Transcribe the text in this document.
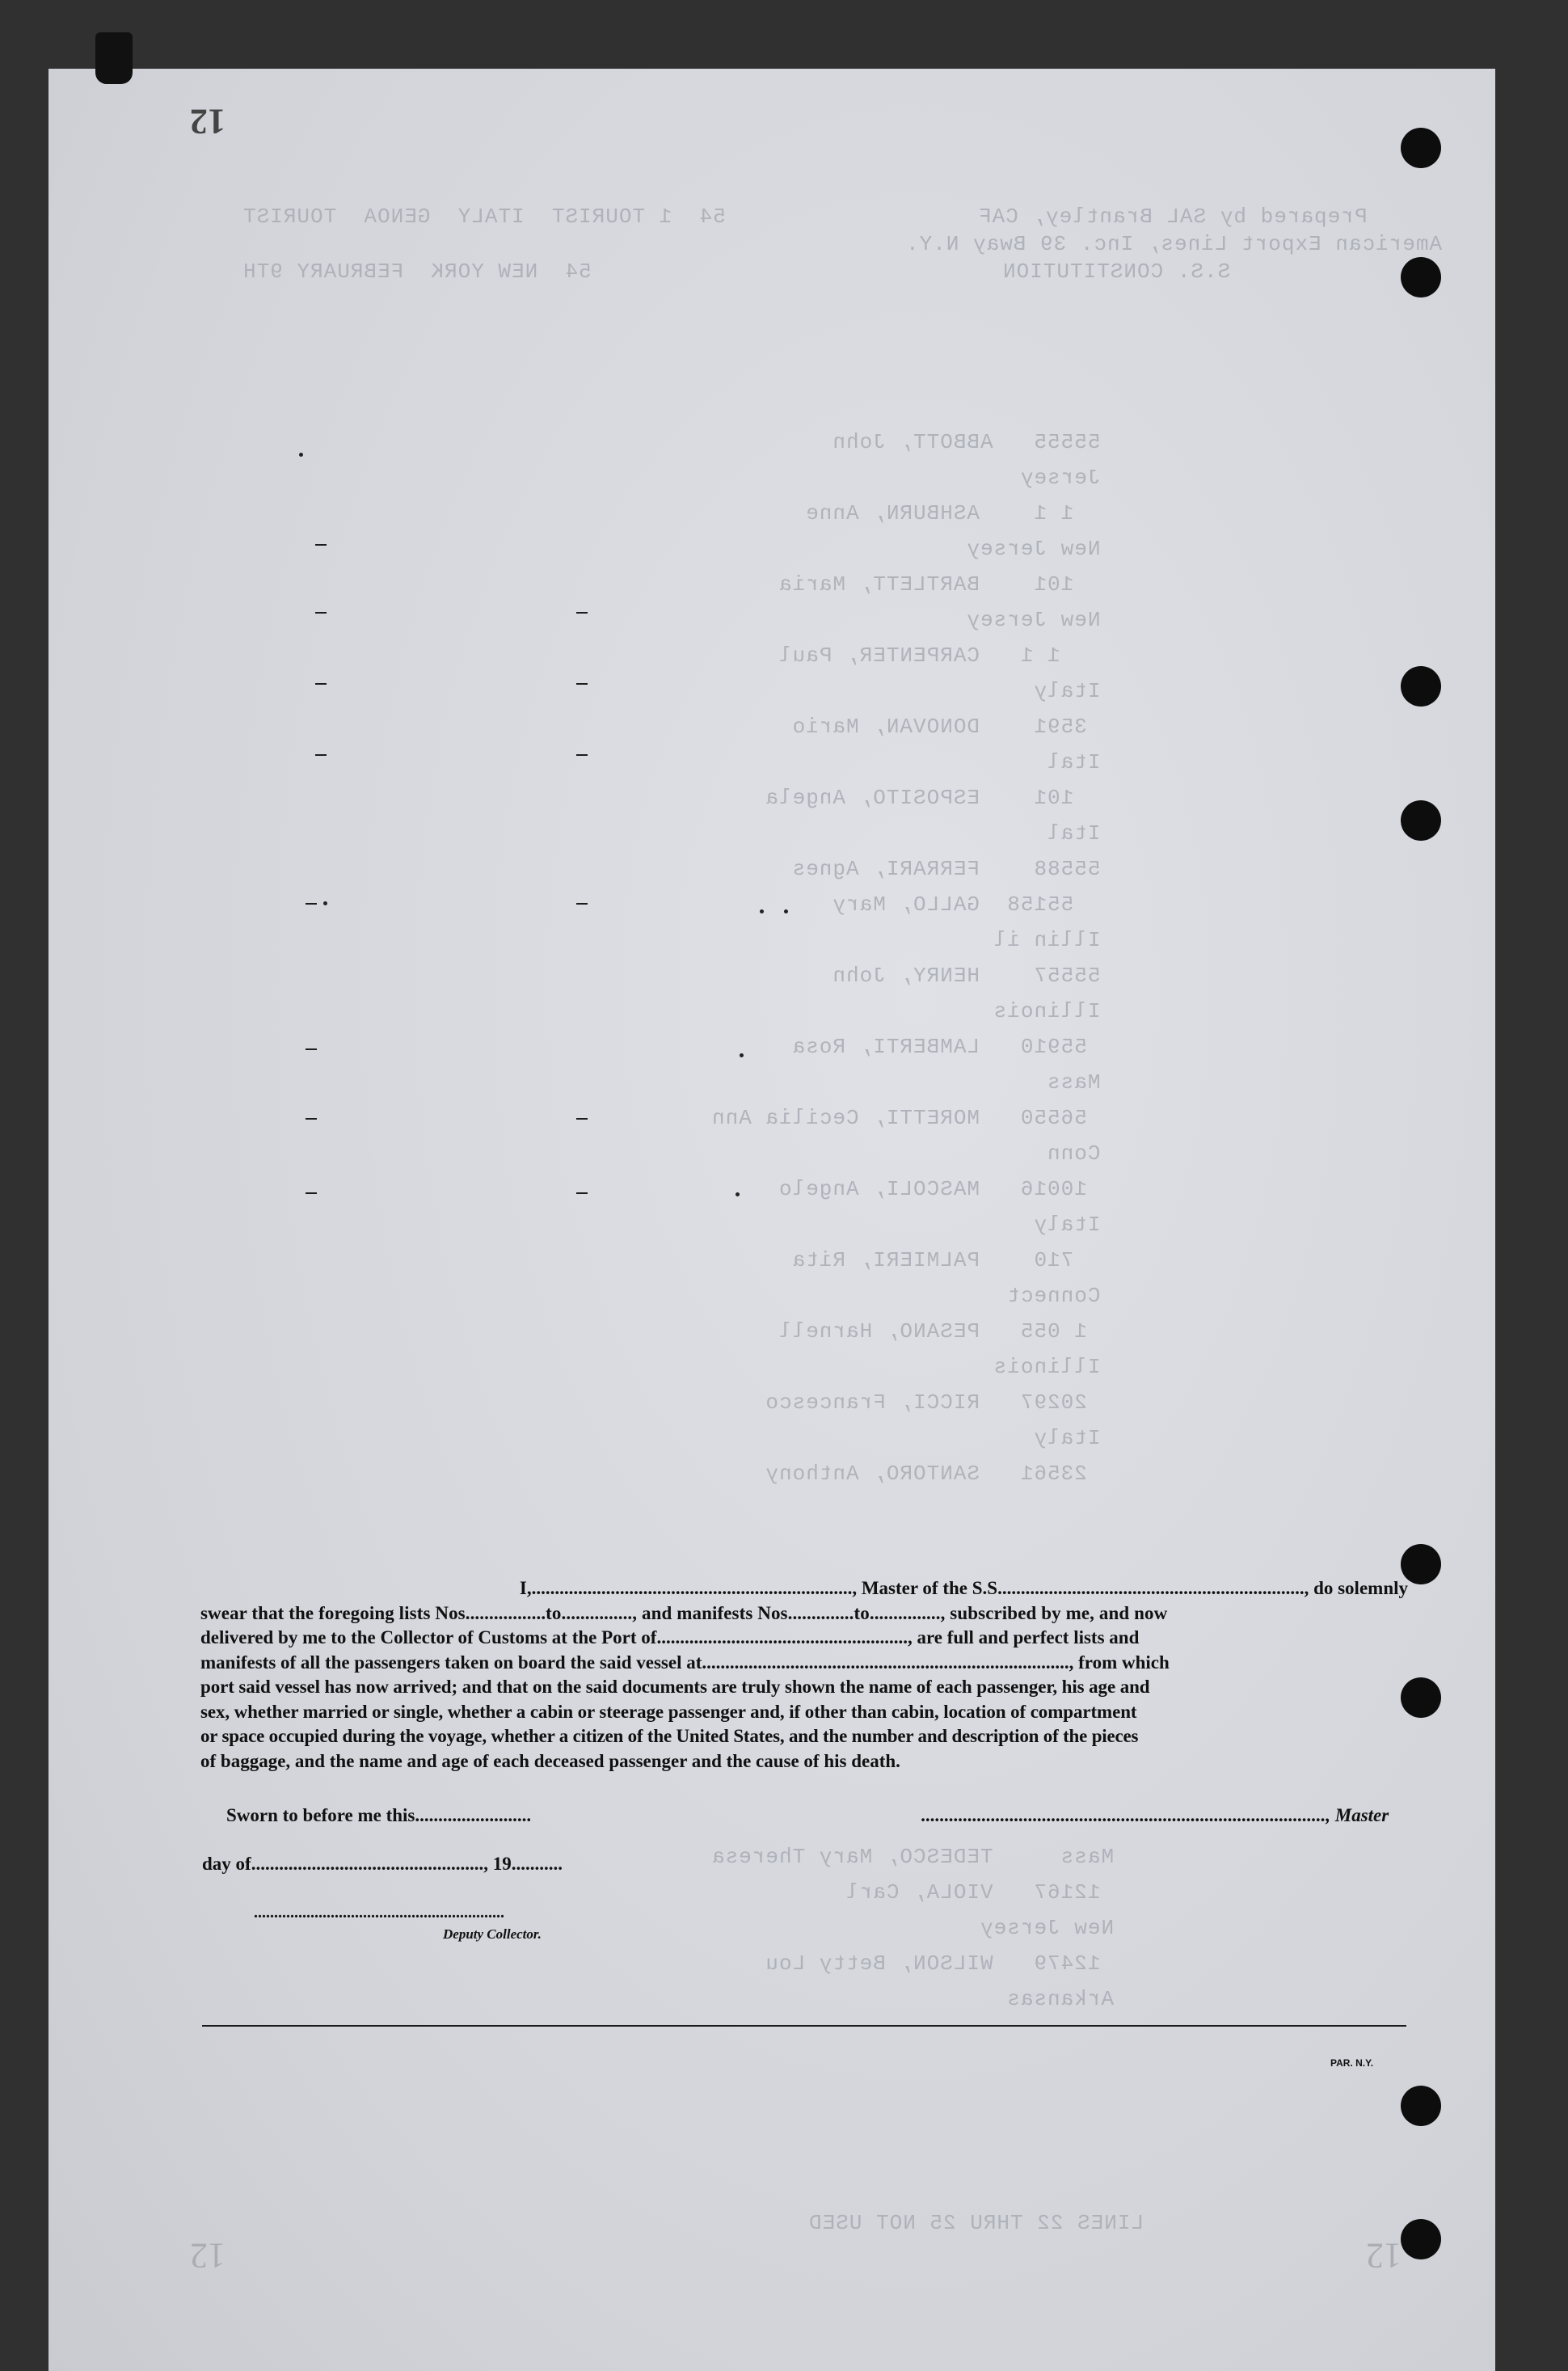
12
Prepared by SAL Brantley, CAF
American Export Lines, Inc. 39 Bway N.Y.
S.S. CONSTITUTION
54  1 TOURIST  ITALY  GENOA  TOURIST
54  NEW YORK  FEBRUARY 9TH
55555   ABBOTT, John
Jersey
1 1    ASHBURN, Anne
New Jersey
101    BARTLETT, Maria
New Jersey
1 1   CARPENTER, Paul
Italy
3591    DONOVAN, Mario
Ital
101    ESPOSITO, Angela
Ital
55588    FERRARI, Agnes
55158  GALLO, Mary
Illin il
55557    HENRY, John
Illinois
55910   LAMBERTI, Rosa
Mass
56550   MORETTI, Cecilia Ann
Conn
10016   MASCOLI, Angelo
Italy
710    PALMIERI, Rita
Connect
1 055   PESANO, Harnell
Illinois
20297   RICCI, Francesco
Italy
23561   SANTORO, Anthony
Mass     TEDESCO, Mary Theresa
12167   VIOLA, Carl
New Jersey
12479   WILSON, Betty Lou
Arkansas
LINES 22 THRU 25 NOT USED

I,....................................................................., Master of the S.S.................................................................., do solemnly

swear that the foregoing lists Nos.................to..............., and manifests Nos..............to..............., subscribed by me, and now

delivered by me to the Collector of Customs at the Port of......................................................, are full and perfect lists and

manifests of all the passengers taken on board the said vessel at..............................................................................., from which

port said vessel has now arrived; and that on the said documents are truly shown the name of each passenger, his age and

sex, whether married or single, whether a cabin or steerage passenger and, if other than cabin, location of compartment

or space occupied during the voyage, whether a citizen of the United States, and the number and description of the pieces

of baggage, and the name and age of each deceased passenger and the cause of his death.

Sworn to before me this.........................	......................................................................................., Master
day of.................................................., 19...........
..............................................................
Deputy Collector.
PAR. N.Y.
12	12
